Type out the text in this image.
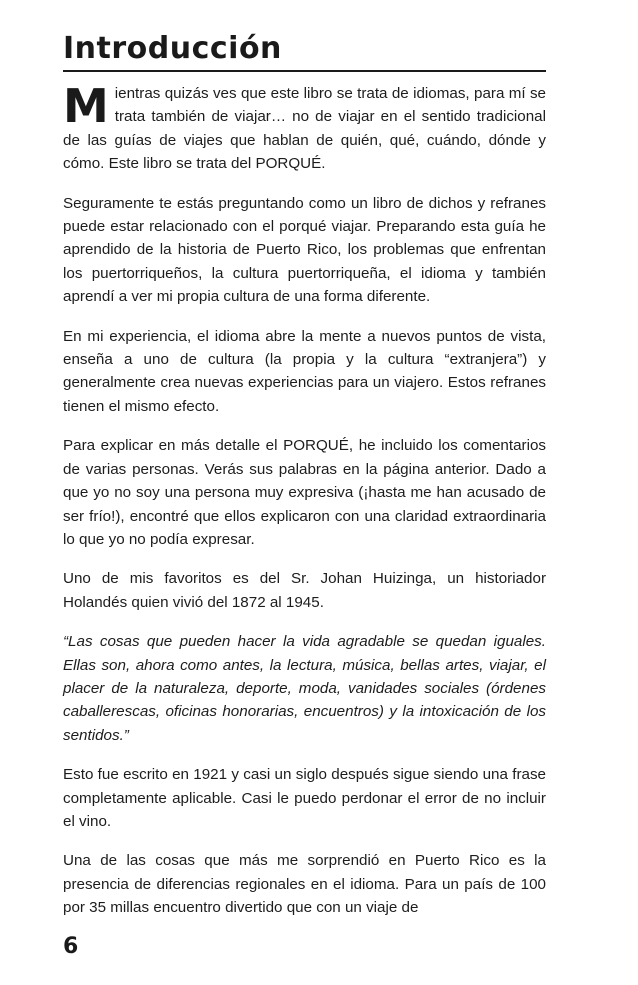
Introducción

Mientras quizás ves que este libro se trata de idiomas, para mí se trata también de viajar… no de viajar en el sentido tradicional de las guías de viajes que hablan de quién, qué, cuándo, dónde y cómo. Este libro se trata del PORQUÉ.

Seguramente te estás preguntando como un libro de dichos y refranes puede estar relacionado con el porqué viajar. Preparando esta guía he aprendido de la historia de Puerto Rico, los problemas que enfrentan los puertorriqueños, la cultura puertorriqueña, el idioma y también aprendí a ver mi propia cultura de una forma diferente.

En mi experiencia, el idioma abre la mente a nuevos puntos de vista, enseña a uno de cultura (la propia y la cultura “extranjera”) y generalmente crea nuevas experiencias para un viajero. Estos refranes tienen el mismo efecto.

Para explicar en más detalle el PORQUÉ, he incluido los comentarios de varias personas. Verás sus palabras en la página anterior. Dado a que yo no soy una persona muy expresiva (¡hasta me han acusado de ser frío!), encontré que ellos explicaron con una claridad extraordinaria lo que yo no podía expresar.

Uno de mis favoritos es del Sr. Johan Huizinga, un historiador Holandés quien vivió del 1872 al 1945.

“Las cosas que pueden hacer la vida agradable se quedan iguales. Ellas son, ahora como antes, la lectura, música, bellas artes, viajar, el placer de la naturaleza, deporte, moda, vanidades sociales (órdenes caballerescas, oficinas honorarias, encuentros) y la intoxicación de los sentidos.”

Esto fue escrito en 1921 y casi un siglo después sigue siendo una frase completamente aplicable. Casi le puedo perdonar el error de no incluir el vino.

Una de las cosas que más me sorprendió en Puerto Rico es la presencia de diferencias regionales en el idioma. Para un país de 100 por 35 millas encuentro divertido que con un viaje de

6
